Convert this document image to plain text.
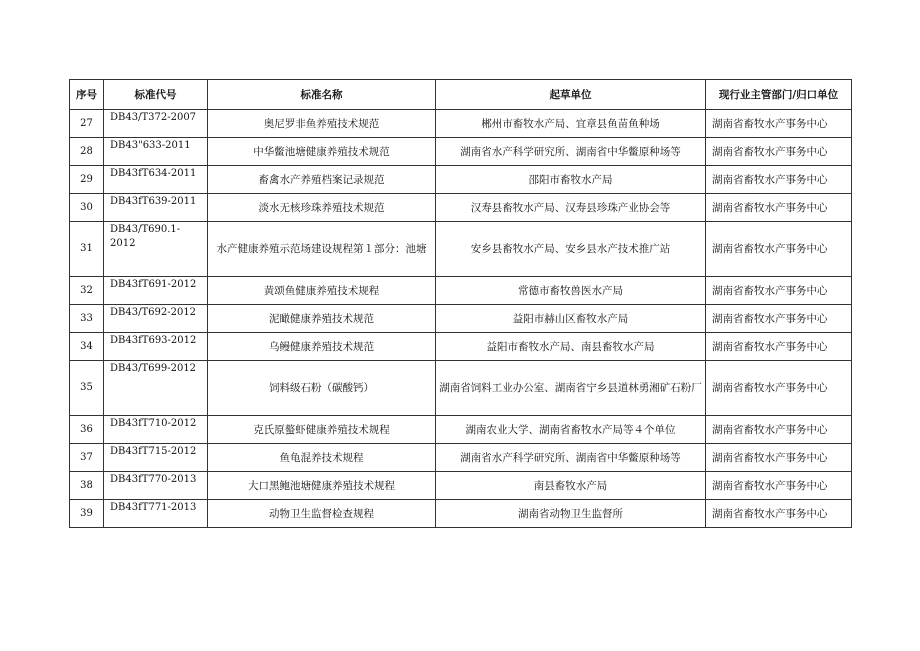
序号	标准代号	标准名称	起草单位	现行业主管部门/归口单位
27	DB43/T372-2007	奥尼罗非鱼养殖技术规范	郴州市畜牧水产局、宜章县鱼苗鱼种场	湖南省畜牧水产事务中心
28	DB43"633-2011	中华鳖池塘健康养殖技术规范	湖南省水产科学研究所、湖南省中华鳖原种场等	湖南省畜牧水产事务中心
29	DB43fT634-2011	畜禽水产养殖档案记录规范	邵阳市畜牧水产局	湖南省畜牧水产事务中心
30	DB43fT639-2011	淡水无核珍珠养殖技术规范	汉寿县畜牧水产局、汉寿县珍珠产业协会等	湖南省畜牧水产事务中心
31	DB43/T690.1-2012	水产健康养殖示范场建设规程第１部分：池塘	安乡县畜牧水产局、安乡县水产技术推广站	湖南省畜牧水产事务中心
32	DB43fT691-2012	黄颂鱼健康养殖技术规程	常德市畜牧兽医水产局	湖南省畜牧水产事务中心
33	DB43/T692-2012	泥瞰健康养殖技术规范	益阳市赫山区畜牧水产局	湖南省畜牧水产事务中心
34	DB43fT693-2012	乌鳗健康养殖技术规范	益阳市畜牧水产局、南县畜牧水产局	湖南省畜牧水产事务中心
35	DB43/T699-2012	饲料级石粉（碳酸钙）	湖南省饲料工业办公室、湖南省宁乡县道林勇湘矿石粉厂	湖南省畜牧水产事务中心
36	DB43fT710-2012	克氏原螯虾健康养殖技术规程	湖南农业大学、湖南省畜牧水产局等４个单位	湖南省畜牧水产事务中心
37	DB43fT715-2012	鱼龟混养技术规程	湖南省水产科学研究所、湖南省中华鳖原种场等	湖南省畜牧水产事务中心
38	DB43fT770-2013	大口黑鲍池塘健康养殖技术规程	南县畜牧水产局	湖南省畜牧水产事务中心
39	DB43fT771-2013	动物卫生监督检查规程	湖南省动物卫生监督所	湖南省畜牧水产事务中心
